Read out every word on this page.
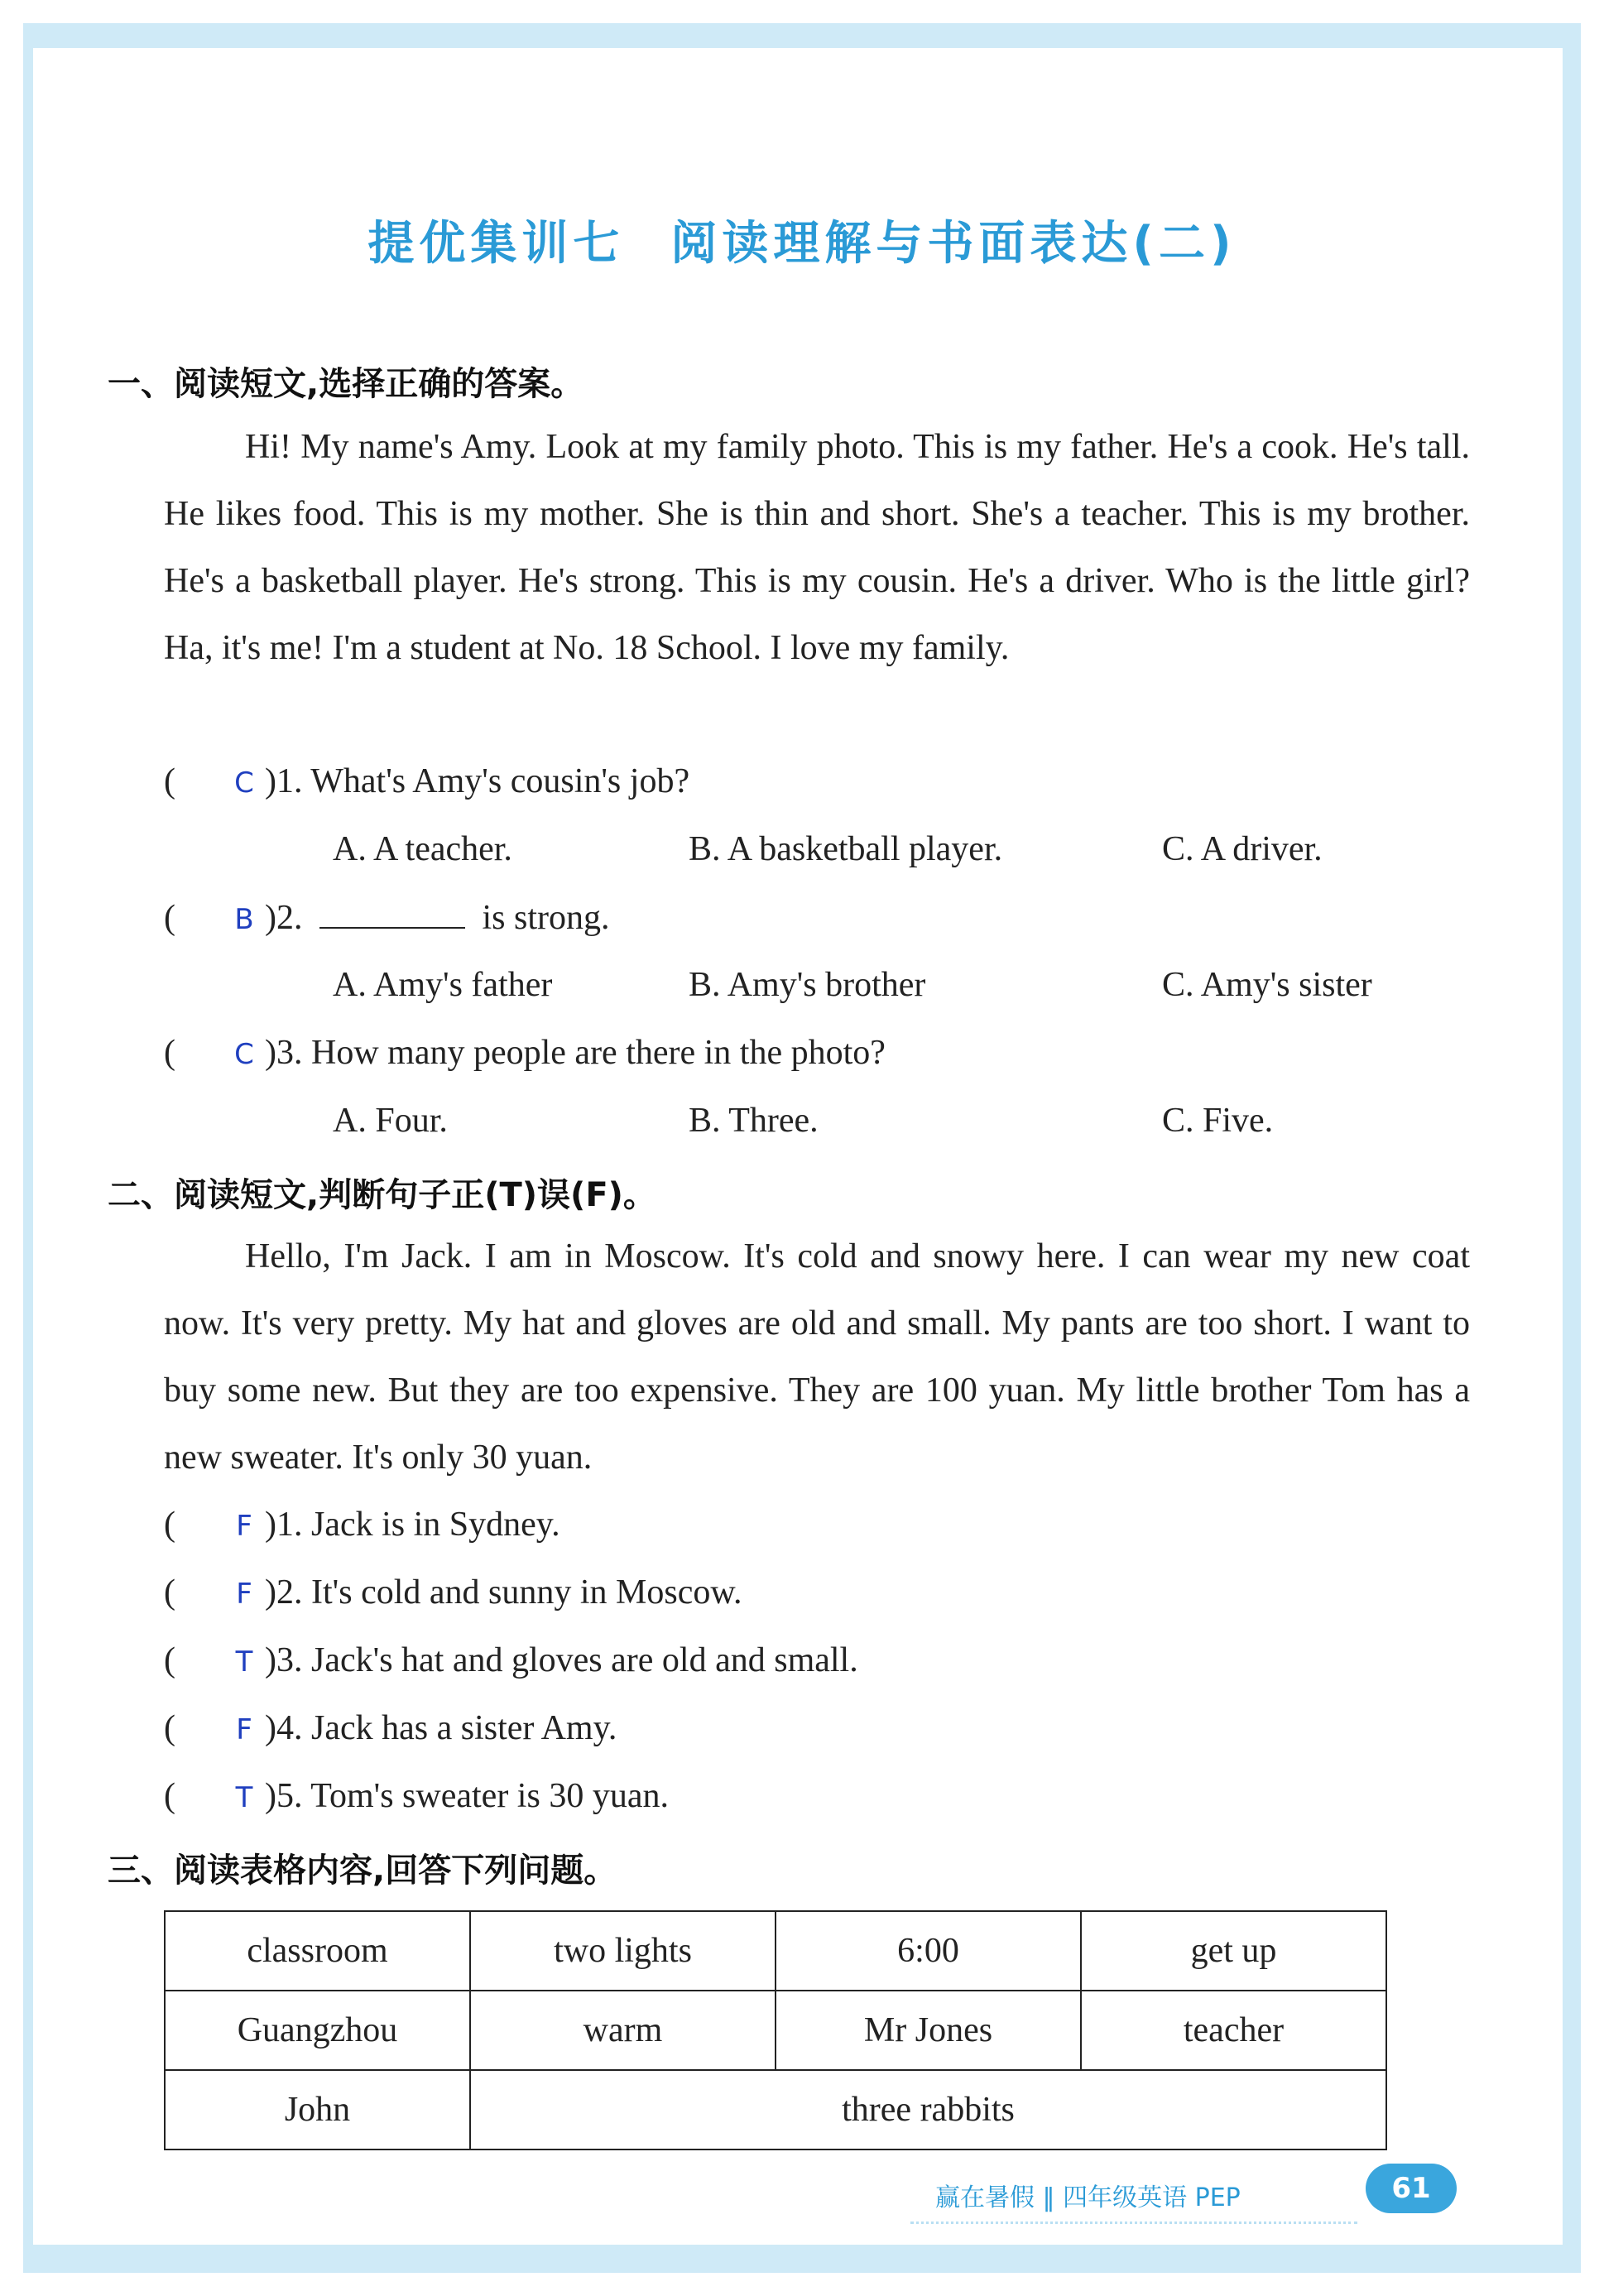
提优集训七 阅读理解与书面表达(二)
一、阅读短文,选择正确的答案。
Hi! My name's Amy. Look at my family photo. This is my father. He's a cook. He's tall. He likes food. This is my mother. She is thin and short. She's a teacher. This is my brother. He's a basketball player. He's strong. This is my cousin. He's a driver. Who is the little girl? Ha, it's me! I'm a student at No. 18 School. I love my family.
( C )1. What's Amy's cousin's job?
A. A teacher.	B. A basketball player.	C. A driver.
( B )2.	is strong.
A. Amy's father	B. Amy's brother	C. Amy's sister
( C )3. How many people are there in the photo?
A. Four.	B. Three.	C. Five.
二、阅读短文,判断句子正(T)误(F)。
Hello, I'm Jack. I am in Moscow. It's cold and snowy here. I can wear my new coat now. It's very pretty. My hat and gloves are old and small. My pants are too short. I want to buy some new. But they are too expensive. They are 100 yuan. My little brother Tom has a new sweater. It's only 30 yuan.
( F )1. Jack is in Sydney.
( F )2. It's cold and sunny in Moscow.
( T )3. Jack's hat and gloves are old and small.
( F )4. Jack has a sister Amy.
( T )5. Tom's sweater is 30 yuan.
三、阅读表格内容,回答下列问题。
classroom	two lights	6:00	get up
Guangzhou	warm	Mr Jones	teacher
John	three rabbits		
赢在暑假 ‖ 四年级英语 PEP	61
